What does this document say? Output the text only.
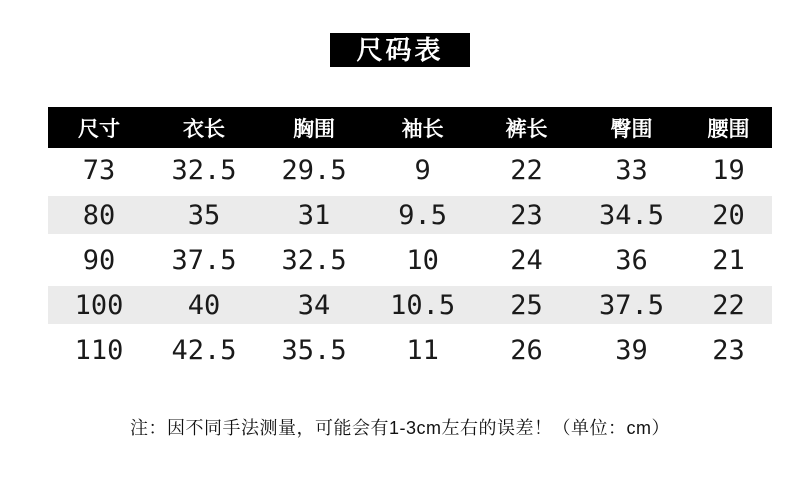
尺码表
尺寸	衣长	胸围	袖长	裤长	臀围	腰围
73	32.5	29.5	9	22	33	19
80	35	31	9.5	23	34.5	20
90	37.5	32.5	10	24	36	21
100	40	34	10.5	25	37.5	22
110	42.5	35.5	11	26	39	23
注：因不同手法测量，可能会有1-3cm左右的误差！（单位：cm）
